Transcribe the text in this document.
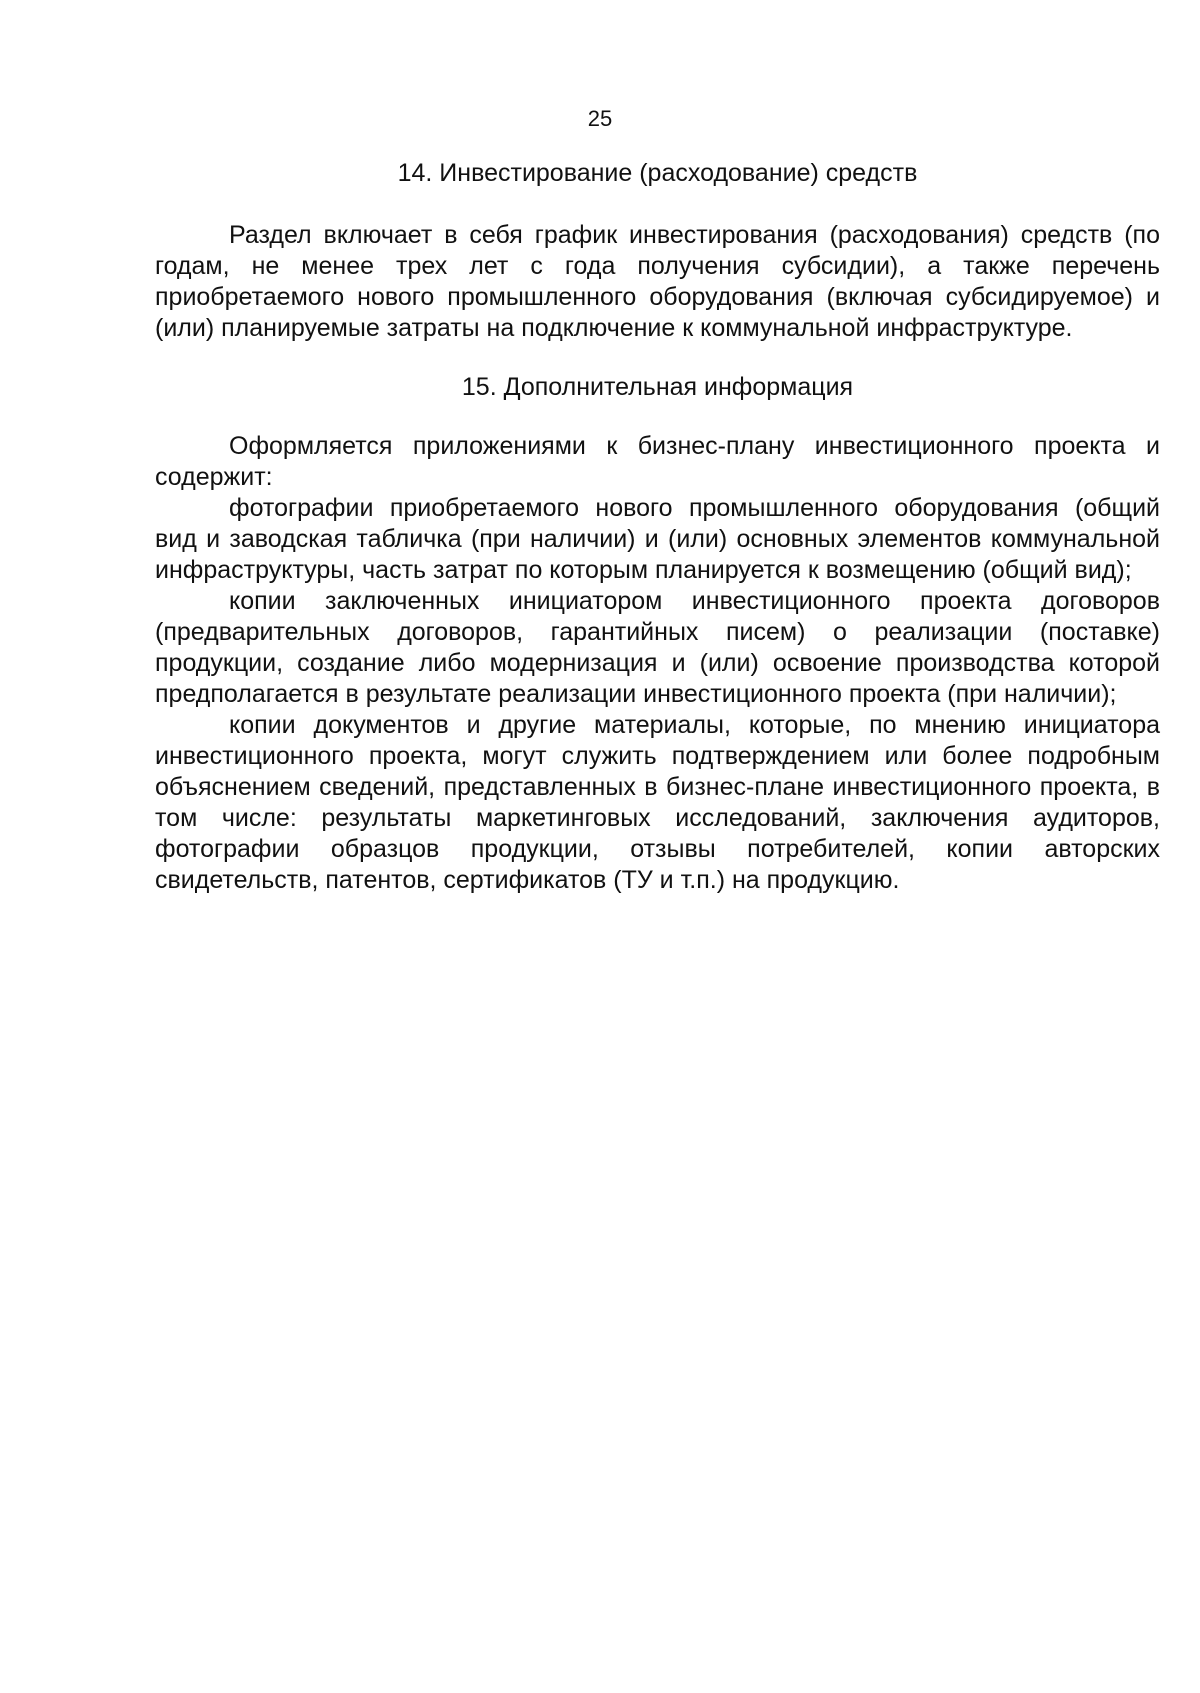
25
14. Инвестирование (расходование) средств

Раздел включает в себя график инвестирования (расходования) средств (по годам, не менее трех лет с года получения субсидии), а также перечень приобретаемого нового промышленного оборудования (включая субсидируемое) и (или) планируемые затраты на подключение к коммунальной инфраструктуре.

15. Дополнительная информация

Оформляется приложениями к бизнес-плану инвестиционного проекта и содержит:

фотографии приобретаемого нового промышленного оборудования (общий вид и заводская табличка (при наличии) и (или) основных элементов коммунальной инфраструктуры, часть затрат по которым планируется к возмещению (общий вид);

копии заключенных инициатором инвестиционного проекта договоров (предварительных договоров, гарантийных писем) о реализации (поставке) продукции, создание либо модернизация и (или) освоение производства которой предполагается в результате реализации инвестиционного проекта (при наличии);

копии документов и другие материалы, которые, по мнению инициатора инвестиционного проекта, могут служить подтверждением или более подробным объяснением сведений, представленных в бизнес-плане инвестиционного проекта, в том числе: результаты маркетинговых исследований, заключения аудиторов, фотографии образцов продукции, отзывы потребителей, копии авторских свидетельств, патентов, сертификатов (ТУ и т.п.) на продукцию.
